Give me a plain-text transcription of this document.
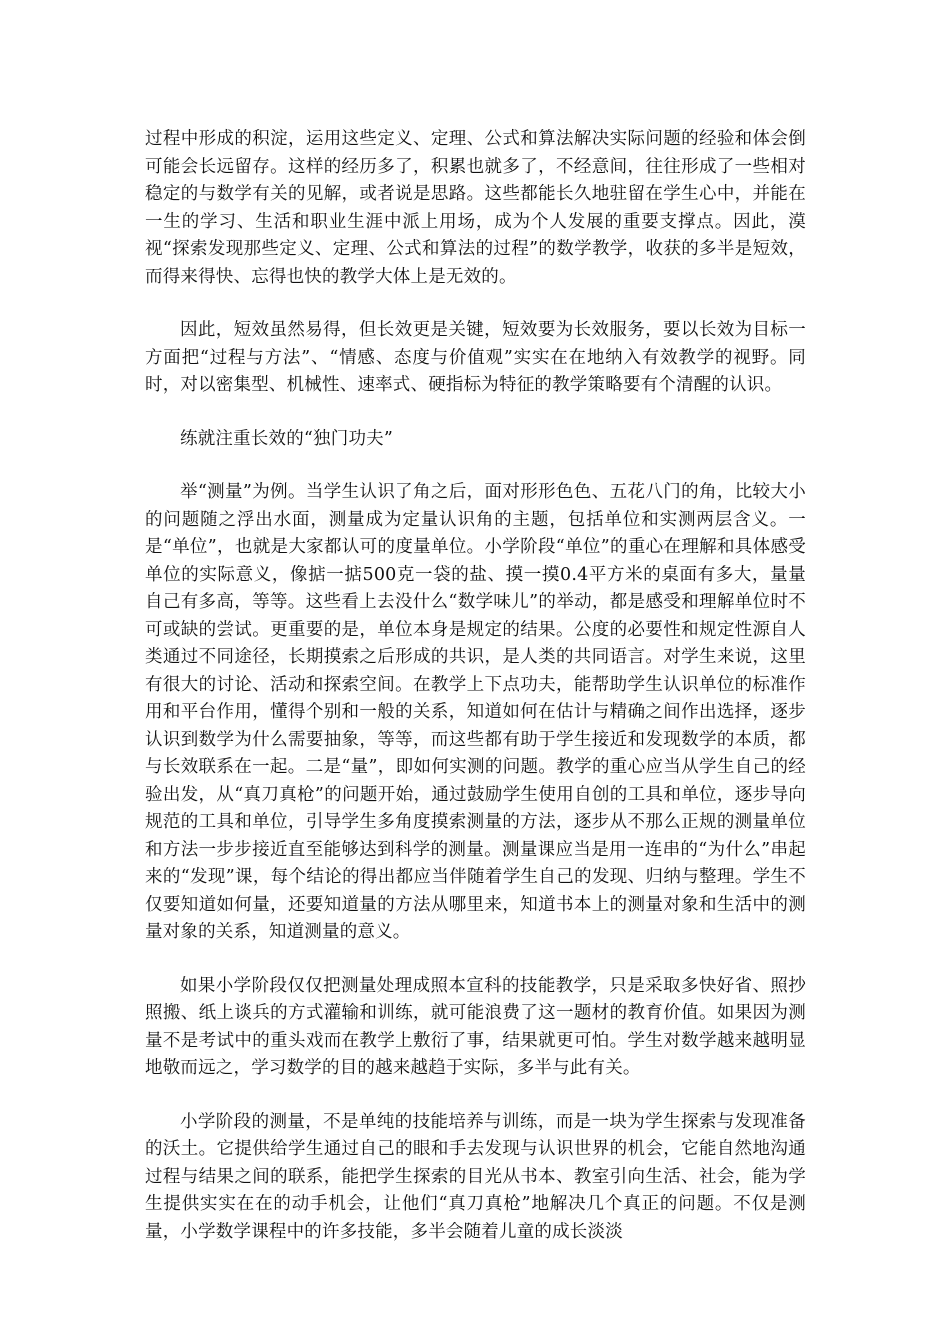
过程中形成的积淀，运用这些定义、定理、公式和算法解决实际问题的经验和体会倒可能会长远留存。这样的经历多了，积累也就多了，不经意间，往往形成了一些相对稳定的与数学有关的见解，或者说是思路。这些都能长久地驻留在学生心中，并能在一生的学习、生活和职业生涯中派上用场，成为个人发展的重要支撑点。因此，漠视“探索发现那些定义、定理、公式和算法的过程”的数学教学，收获的多半是短效，而得来得快、忘得也快的教学大体上是无效的。

因此，短效虽然易得，但长效更是关键，短效要为长效服务，要以长效为目标一方面把“过程与方法”、“情感、态度与价值观”实实在在地纳入有效教学的视野。同时，对以密集型、机械性、速率式、硬指标为特征的教学策略要有个清醒的认识。

练就注重长效的“独门功夫”

举“测量”为例。当学生认识了角之后，面对形形色色、五花八门的角，比较大小的问题随之浮出水面，测量成为定量认识角的主题，包括单位和实测两层含义。一是“单位”，也就是大家都认可的度量单位。小学阶段“单位”的重心在理解和具体感受单位的实际意义，像掂一掂500克一袋的盐、摸一摸0.4平方米的桌面有多大，量量自己有多高，等等。这些看上去没什么“数学味儿”的举动，都是感受和理解单位时不可或缺的尝试。更重要的是，单位本身是规定的结果。公度的必要性和规定性源自人类通过不同途径，长期摸索之后形成的共识，是人类的共同语言。对学生来说，这里有很大的讨论、活动和探索空间。在教学上下点功夫，能帮助学生认识单位的标准作用和平台作用，懂得个别和一般的关系，知道如何在估计与精确之间作出选择，逐步认识到数学为什么需要抽象，等等，而这些都有助于学生接近和发现数学的本质，都与长效联系在一起。二是“量”，即如何实测的问题。教学的重心应当从学生自己的经验出发，从“真刀真枪”的问题开始，通过鼓励学生使用自创的工具和单位，逐步导向规范的工具和单位，引导学生多角度摸索测量的方法，逐步从不那么正规的测量单位和方法一步步接近直至能够达到科学的测量。测量课应当是用一连串的“为什么”串起来的“发现”课，每个结论的得出都应当伴随着学生自己的发现、归纳与整理。学生不仅要知道如何量，还要知道量的方法从哪里来，知道书本上的测量对象和生活中的测量对象的关系，知道测量的意义。

如果小学阶段仅仅把测量处理成照本宣科的技能教学，只是采取多快好省、照抄照搬、纸上谈兵的方式灌输和训练，就可能浪费了这一题材的教育价值。如果因为测量不是考试中的重头戏而在教学上敷衍了事，结果就更可怕。学生对数学越来越明显地敬而远之，学习数学的目的越来越趋于实际，多半与此有关。

小学阶段的测量，不是单纯的技能培养与训练，而是一块为学生探索与发现准备的沃土。它提供给学生通过自己的眼和手去发现与认识世界的机会，它能自然地沟通过程与结果之间的联系，能把学生探索的目光从书本、教室引向生活、社会，能为学生提供实实在在的动手机会，让他们“真刀真枪”地解决几个真正的问题。不仅是测量，小学数学课程中的许多技能，多半会随着儿童的成长淡淡
